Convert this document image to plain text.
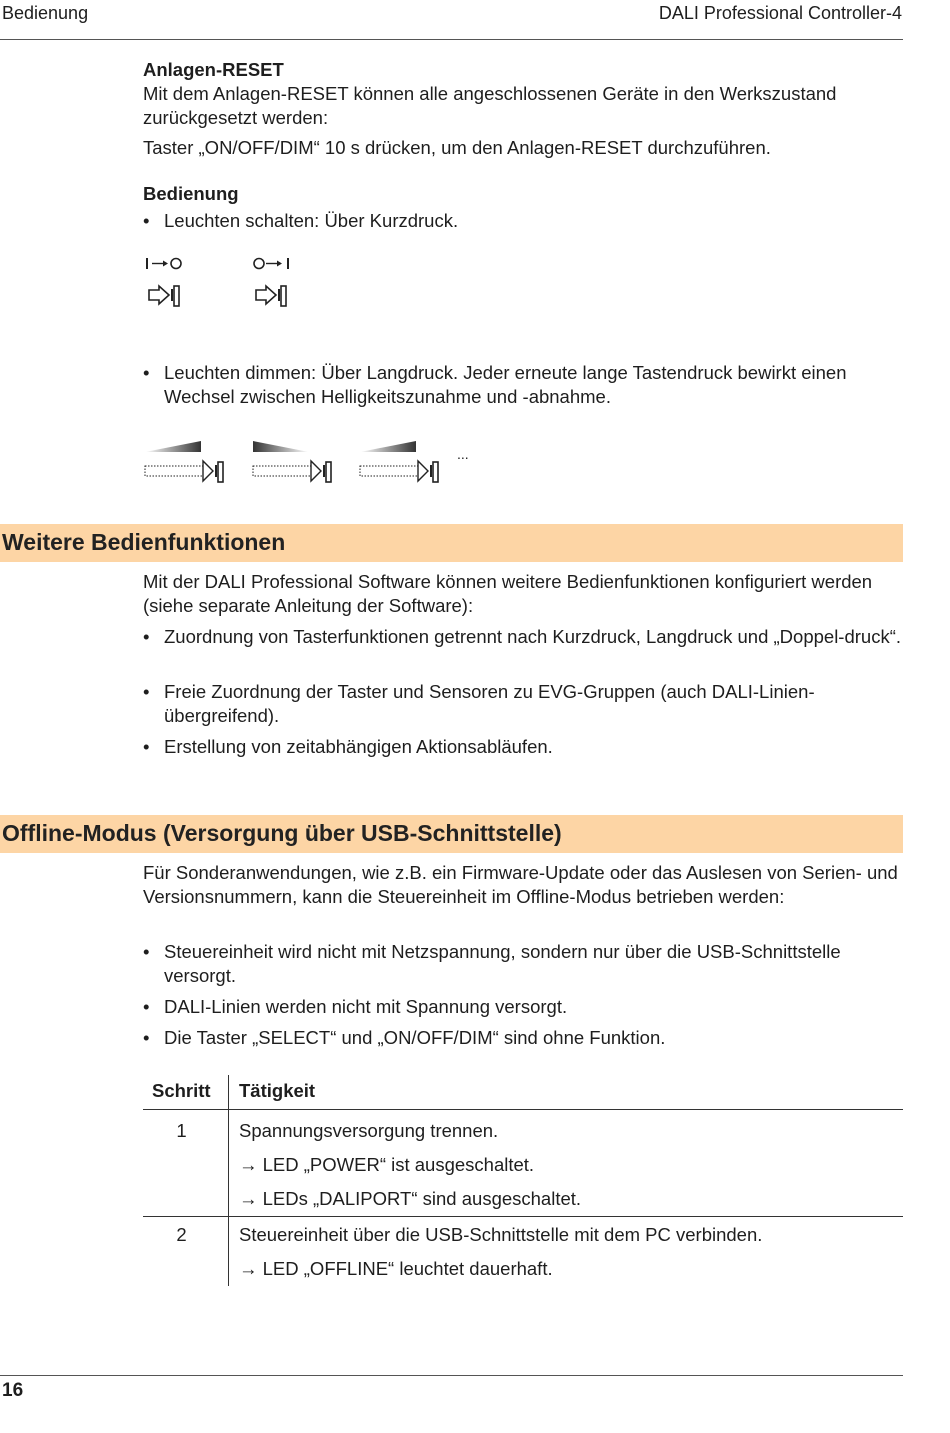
Bedienung	DALI Professional Controller-4

Anlagen-RESET

Mit dem Anlagen-RESET können alle angeschlossenen Geräte in den Werkszustand zurückgesetzt werden:

Taster „ON/OFF/DIM“ 10 s drücken, um den Anlagen-RESET durchzuführen.

Bedienung

• Leuchten schalten: Über Kurzdruck.
• Leuchten dimmen: Über Langdruck. Jeder erneute lange Tastendruck bewirkt einen Wechsel zwischen Helligkeitszunahme und -abnahme.
...
Weitere Bedienfunktionen

Mit der DALI Professional Software können weitere Bedienfunktionen konfiguriert werden (siehe separate Anleitung der Software):

• Zuordnung von Tasterfunktionen getrennt nach Kurzdruck, Langdruck und „Doppel-druck“.
• Freie Zuordnung der Taster und Sensoren zu EVG-Gruppen (auch DALI-Linien-übergreifend).
• Erstellung von zeitabhängigen Aktionsabläufen.
Offline-Modus (Versorgung über USB-Schnittstelle)

Für Sonderanwendungen, wie z.B. ein Firmware-Update oder das Auslesen von Serien- und Versionsnummern, kann die Steuereinheit im Offline-Modus betrieben werden:

• Steuereinheit wird nicht mit Netzspannung, sondern nur über die USB-Schnittstelle versorgt.
• DALI-Linien werden nicht mit Spannung versorgt.
• Die Taster „SELECT“ und „ON/OFF/DIM“ sind ohne Funktion.
Schritt	Tätigkeit
1	Spannungsversorgung trennen.
→ LED „POWER“ ist ausgeschaltet.
→ LEDs „DALIPORT“ sind ausgeschaltet.

2	Steuereinheit über die USB-Schnittstelle mit dem PC verbinden.
→ LED „OFFLINE“ leuchtet dauerhaft.
16
